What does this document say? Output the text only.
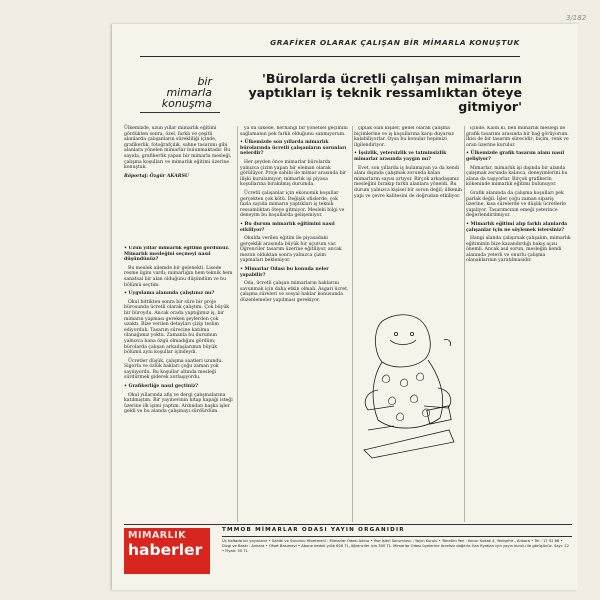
3/182
GRAFİKER OLARAK ÇALIŞAN BİR MİMARLA KONUŞTUK
bir
mimarla
konuşma
'Bürolarda ücretli çalışan mimarların yaptıkları iş teknik ressamlıktan öteye gitmiyor'

Ülkemizde, uzun yıllar mimarlık eğitimi gördükten sonra, özel, farklı ve çeşitli alanlarda çalışanların sürekliliği içinde, grafikerlik, fotoğrafçılık, sahne tasarımı gibi alanlara yönelen mimarlar bulunmaktadır. Bu sayıda, grafikerlik yapan bir mimarla mesleği, çalışma koşulları ve mimarlık eğitimi üzerine konuştuk.

Röportaj: Özgür AKARSU

• Uzun yıllar mimarlık eğitimi gördünüz. Mimarlık mesleğini seçmeyi nasıl düşündünüz?

Bu meslek ailemde bir gelenekti. Lisede resme ilgim vardı; mimarlığın hem teknik hem sanatsal bir alan olduğunu düşündüm ve bu bölümü seçtim.

• Uygulama alanında çalıştınız mı?

Okul bittikten sonra bir süre bir proje bürosunda ücretli olarak çalıştım. Çok büyük bir büroydu. Ancak orada yaptığımız iş, bir mimarın yapması gereken şeylerden çok uzaktı. Bize verilen detayları çizip teslim ediyorduk. Tasarım sürecine katılma olanağımız yoktu. Zamanla bu durumun yalnızca bana özgü olmadığını gördüm; bürolarda çalışan arkadaşlarımın büyük bölümü aynı koşullar içindeydi.

Ücretler düşük, çalışma saatleri uzundu. Sigorta ve özlük hakları çoğu zaman yok sayılıyordu. Bu koşullar altında mesleği sürdürmek giderek zorlaşıyordu.

• Grafikerliğe nasıl geçtiniz?

Okul yıllarında afiş ve dergi çalışmalarına katılmıştım. Bir yayınevinin kitap kapağı isteği üzerine ilk işimi yaptım. Ardından başka işler geldi ve bu alanda çalışmayı sürdürdüm.

ya da ülkede, herhangi bir yönetsel geçimini sağlamanın pek farklı olduğunu sanmıyorum.

• Ülkemizde son yıllarda mimarlık bürolarında ücretli çalışanların sorunları nelerdir?

Her şeyden önce mimarlar bürolarda yalnızca çizim yapan bir eleman olarak görülüyor. Proje sahibi ile mimar arasında bir ilişki kurulamıyor; mimarlık işi piyasa koşullarına bırakılmış durumda.

Ücretli çalışanlar için ekonomik koşullar gerçekten çok kötü. Değişik ofislerde, çok fazla sayıda mimarın yaptıkları iş teknik ressamlıktan öteye gitmiyor. Mesleki bilgi ve deneyim bu koşullarda gelişemiyor.

• Bu durum mimarlık eğitimini nasıl etkiliyor?

Okulda verilen eğitim ile piyasadaki gerçeklik arasında büyük bir uçurum var. Öğrenciler tasarım üzerine eğitiliyor, ancak mezun olduktan sonra yalnızca çizim yapmaları bekleniyor.

• Mimarlar Odası bu konuda neler yapabilir?

Oda, ücretli çalışan mimarların haklarını savunmak için daha etkin olmalı. Asgari ücret, çalışma süreleri ve sosyal haklar konusunda düzenlemeler yapılması gerekiyor.

çıplak olan kişiler, genel olarak çalışma biçimlerine ve iş koşullarına karşı duyarsız kalabiliyorlar. Oysa bu konular hepimizi ilgilendiriyor.

• İşsizlik, yetersizlik ve tatminsizlik mimarlar arasında yaygın mı?

Evet, son yıllarda iş bulamayan ya da kendi alanı dışında çalışmak zorunda kalan mimarların sayısı artıyor. Birçok arkadaşımız mesleğini bırakıp farklı alanlara yöneldi. Bu durum yalnızca kişisel bir sorun değil; ülkenin yapı ve çevre kalitesini de doğrudan etkiliyor.

içinde. Kaldı ki, ben mimarlık mesleği ile grafik tasarımı arasında bir bağ görüyorum. İkisi de bir tasarım sürecidir; biçim, renk ve oran üzerine kurulur.

• Ülkemizde grafik tasarım alanı nasıl gelişiyor?

Mimarlar, mimarlık işi dışında bir alanda çalışmak zorunda kalınca, deneyimlerini bu alana da taşıyorlar. Birçok grafikerin kökeninde mimarlık eğitimi bulunuyor.

Grafik alanında da çalışma koşulları pek parlak değil. İşler çoğu zaman sipariş üzerine, kısa sürelerde ve düşük ücretlerle yapılıyor. Tasarımcının emeği yeterince değerlendirilmiyor.

• Mimarlık eğitimi alıp farklı alanlarda çalışanlar için ne söylemek istersiniz?

Hangi alanda çalışırsak çalışalım, mimarlık eğitiminin bize kazandırdığı bakış açısı önemli. Ancak asıl sorun, mesleğin kendi alanında yeterli ve onurlu çalışma olanaklarının yaratılmasıdır.

MİMARLIK
haberler
TMMOB MİMARLAR ODASI YAYIN ORGANIDIR
Üç haftada bir yayınlanır • Sahibi ve Sorumlu Yönetmeni : Mimarlar Odası Adına • Yazı İşleri Sorumlusu : Yayın Kurulu • Yönetim Yeri : Konur Sokak 4, Yenişehir - Ankara • Tel : 17 52 88 • Dizgi ve Baskı : Ankara • Ofset Basımevi • Abone bedeli yıllık 600 TL, öğrenciler için 300 TL. Mimarlar Odası üyelerine ücretsiz dağıtılır. İlan fiyatları için yayın kurulu ile görüşünüz. Sayı: 12 • Fiyatı: 50 TL
